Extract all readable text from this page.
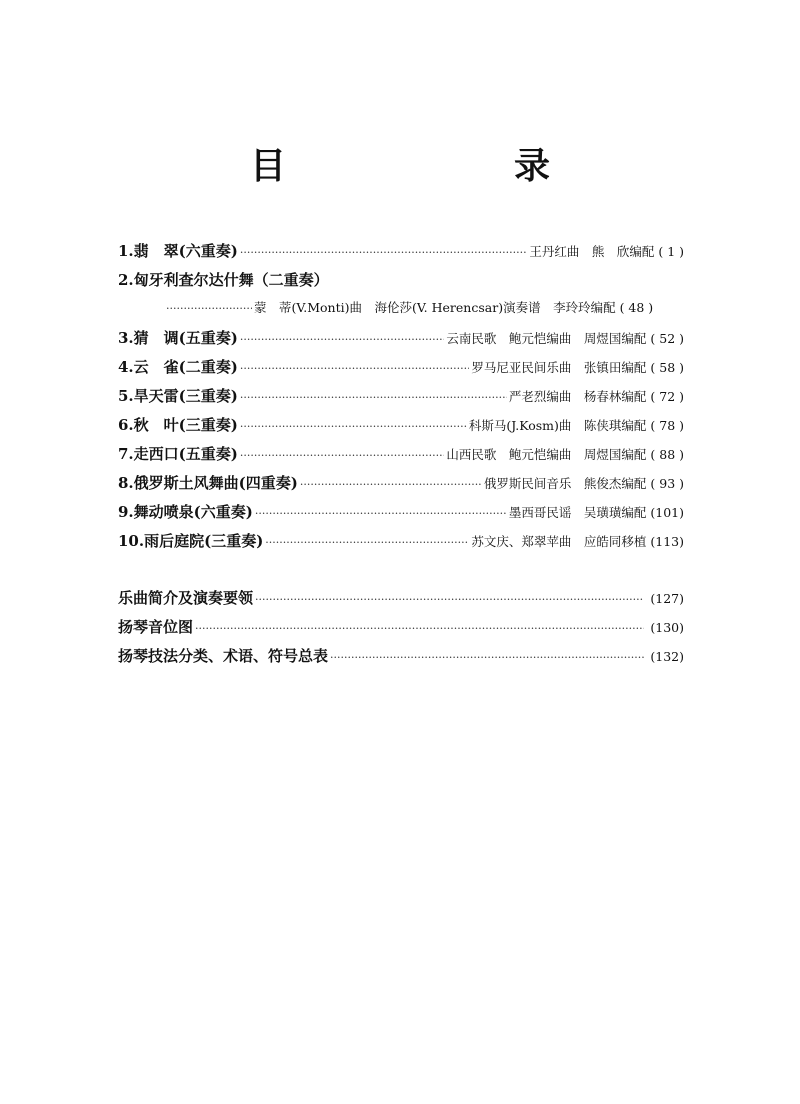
目　录
1.翡　翠(六重奏) ·····	王丹红曲　熊　欣编配 ( 1 )
2.匈牙利查尔达什舞（二重奏）
·····
蒙　蒂(V.Monti)曲　海伦莎(V. Herencsar)演奏谱　李玲玲编配 ( 48 )
3.猜　调(五重奏) ·····	云南民歌　鲍元恺编曲　周煜国编配 ( 52 )
4.云　雀(二重奏) ·····	罗马尼亚民间乐曲　张镇田编配 ( 58 )
5.旱天雷(三重奏) ·····	严老烈编曲　杨春林编配 ( 72 )
6.秋　叶(三重奏) ·····	科斯马(J.Kosm)曲　陈侠琪编配 ( 78 )
7.走西口(五重奏) ·····	山西民歌　鲍元恺编曲　周煜国编配 ( 88 )
8.俄罗斯土风舞曲(四重奏) ·····	俄罗斯民间音乐　熊俊杰编配 ( 93 )
9.舞动喷泉(六重奏) ·····	墨西哥民谣　吴璜璜编配 (101)
10.雨后庭院(三重奏) ·····	苏文庆、郑翠苹曲　应皓同移植 (113)
乐曲简介及演奏要领 ·····	(127)
扬琴音位图 ·····	(130)
扬琴技法分类、术语、符号总表 ·····	(132)
